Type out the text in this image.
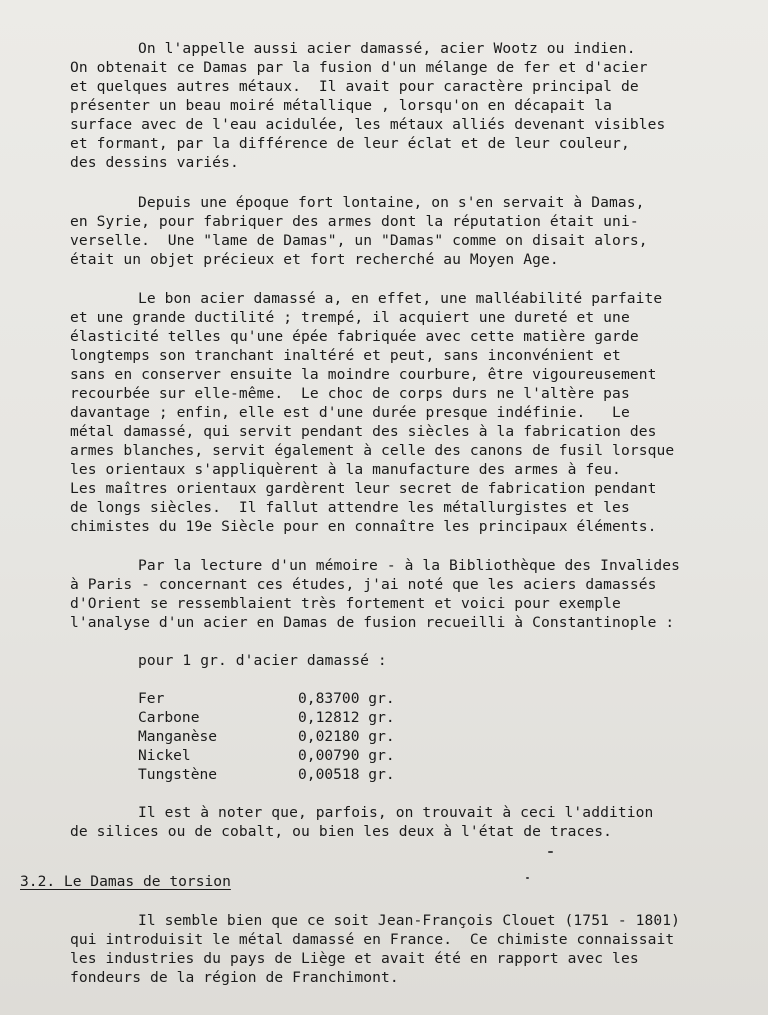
On l'appelle aussi acier damassé, acier Wootz ou indien.
On obtenait ce Damas par la fusion d'un mélange de fer et d'acier
et quelques autres métaux.  Il avait pour caractère principal de
présenter un beau moiré métallique , lorsqu'on en décapait la
surface avec de l'eau acidulée, les métaux alliés devenant visibles
et formant, par la différence de leur éclat et de leur couleur,
des dessins variés.
Depuis une époque fort lontaine, on s'en servait à Damas,
en Syrie, pour fabriquer des armes dont la réputation était uni-
verselle.  Une "lame de Damas", un "Damas" comme on disait alors,
était un objet précieux et fort recherché au Moyen Age.
Le bon acier damassé a, en effet, une malléabilité parfaite
et une grande ductilité ; trempé, il acquiert une dureté et une
élasticité telles qu'une épée fabriquée avec cette matière garde
longtemps son tranchant inaltéré et peut, sans inconvénient et
sans en conserver ensuite la moindre courbure, être vigoureusement
recourbée sur elle-même.  Le choc de corps durs ne l'altère pas
davantage ; enfin, elle est d'une durée presque indéfinie.   Le
métal damassé, qui servit pendant des siècles à la fabrication des
armes blanches, servit également à celle des canons de fusil lorsque
les orientaux s'appliquèrent à la manufacture des armes à feu.
Les maîtres orientaux gardèrent leur secret de fabrication pendant
de longs siècles.  Il fallut attendre les métallurgistes et les
chimistes du 19e Siècle pour en connaître les principaux éléments.
Par la lecture d'un mémoire - à la Bibliothèque des Invalides
à Paris - concernant ces études, j'ai noté que les aciers damassés
d'Orient se ressemblaient très fortement et voici pour exemple
l'analyse d'un acier en Damas de fusion recueilli à Constantinople :
pour 1 gr. d'acier damassé :
Fer	0,83700 gr.
Carbone	0,12812 gr.
Manganèse	0,02180 gr.
Nickel	0,00790 gr.
Tungstène	0,00518 gr.
Il est à noter que, parfois, on trouvait à ceci l'addition
de silices ou de cobalt, ou bien les deux à l'état de traces.
3.2. Le Damas de torsion
Il semble bien que ce soit Jean-François Clouet (1751 - 1801)
qui introduisit le métal damassé en France.  Ce chimiste connaissait
les industries du pays de Liège et avait été en rapport avec les
fondeurs de la région de Franchimont.
